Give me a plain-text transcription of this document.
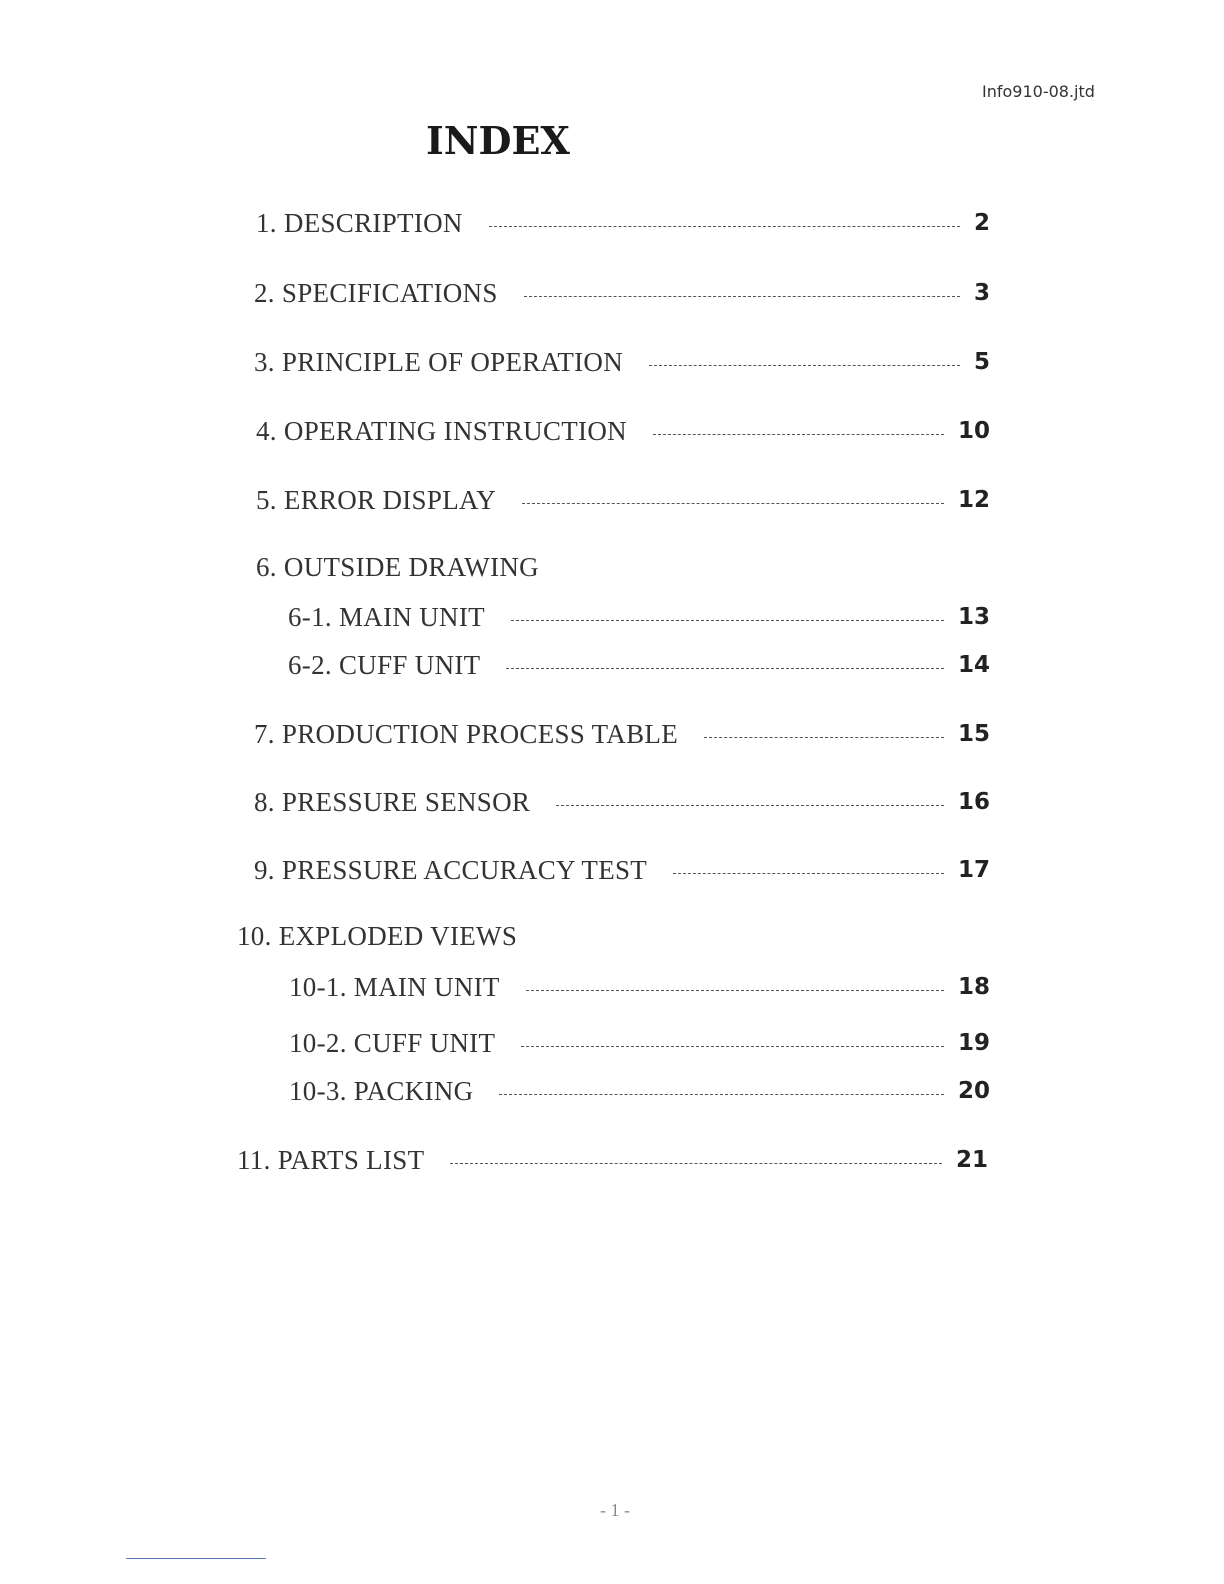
Info910-08.jtd
INDEX
1. DESCRIPTION	2
2. SPECIFICATIONS	3
3. PRINCIPLE OF OPERATION	5
4. OPERATING INSTRUCTION	10
5. ERROR DISPLAY	12
6. OUTSIDE DRAWING
6-1. MAIN UNIT	13
6-2. CUFF UNIT	14
7. PRODUCTION PROCESS TABLE	15
8. PRESSURE SENSOR	16
9. PRESSURE ACCURACY TEST	17
10. EXPLODED VIEWS
10-1. MAIN UNIT	18
10-2. CUFF UNIT	19
10-3. PACKING	20
11. PARTS LIST	21
- 1 -
